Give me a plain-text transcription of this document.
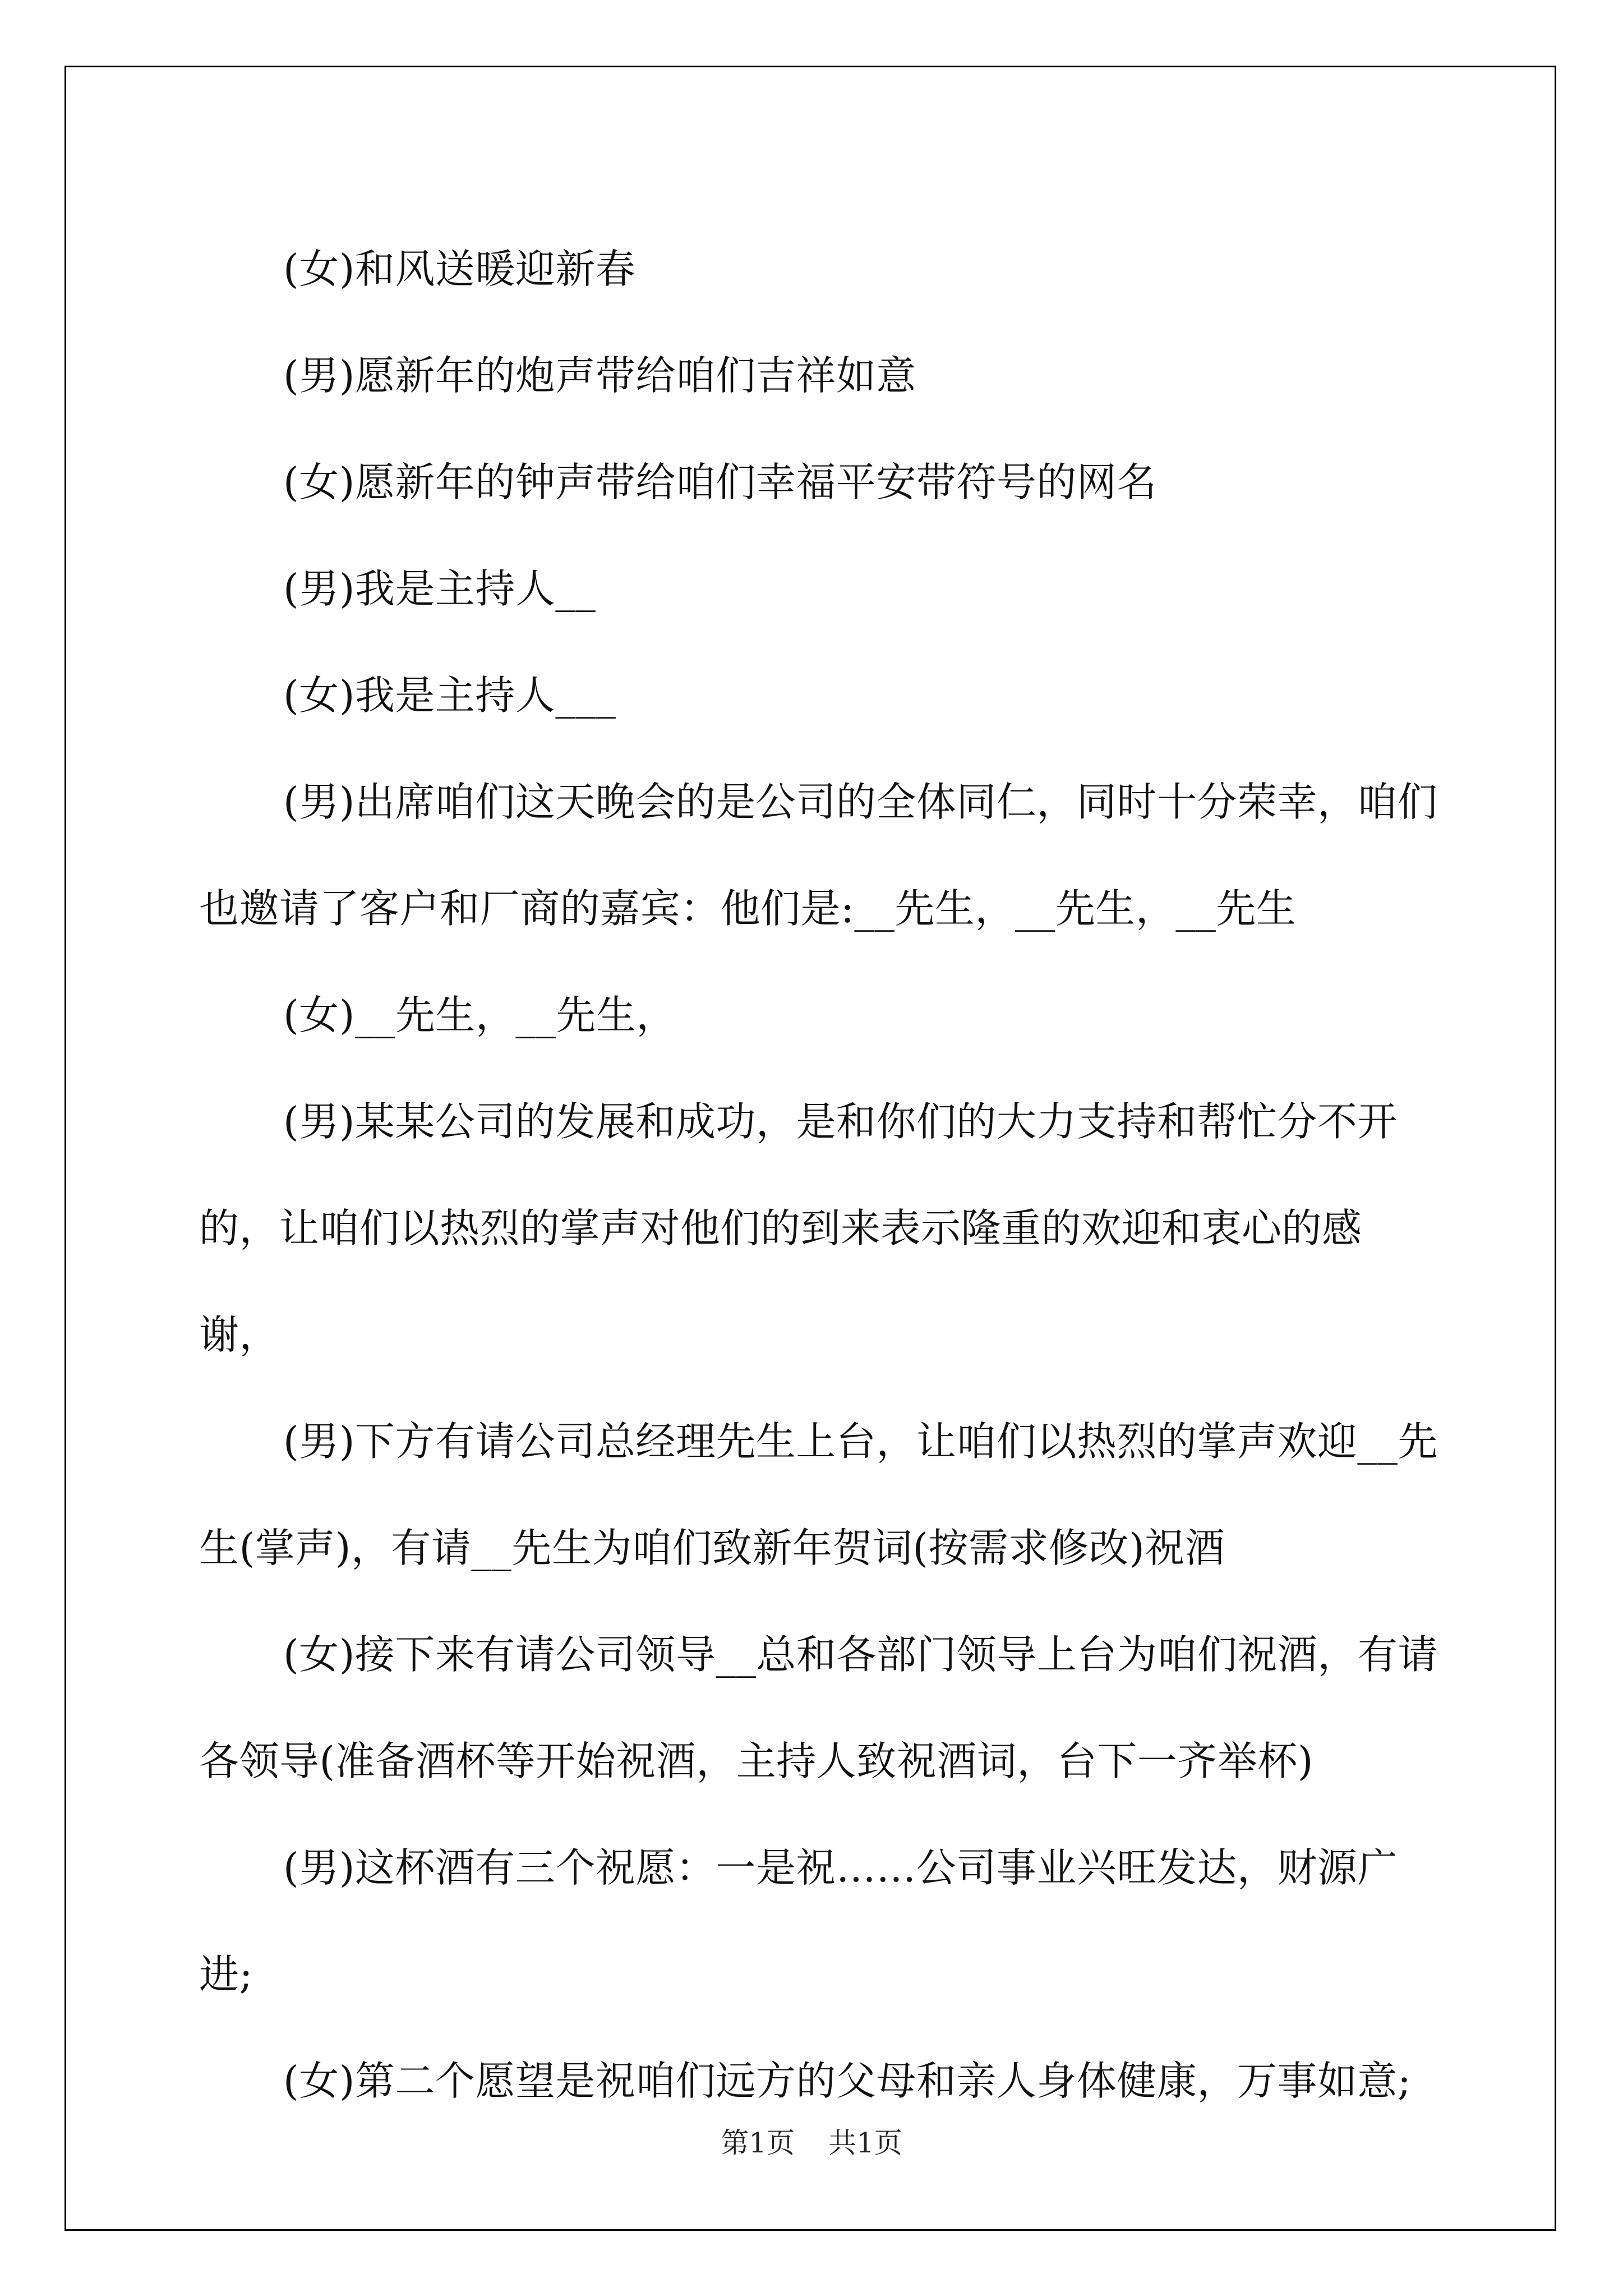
(女)和风送暖迎新春

(男)愿新年的炮声带给咱们吉祥如意

(女)愿新年的钟声带给咱们幸福平安带符号的网名

(男)我是主持人__

(女)我是主持人___

(男)出席咱们这天晚会的是公司的全体同仁，同时十分荣幸，咱们也邀请了客户和厂商的嘉宾：他们是:__先生，__先生，__先生

(女)__先生，__先生，

(男)某某公司的发展和成功，是和你们的大力支持和帮忙分不开的，让咱们以热烈的掌声对他们的到来表示隆重的欢迎和衷心的感谢，

(男)下方有请公司总经理先生上台，让咱们以热烈的掌声欢迎__先生(掌声)，有请__先生为咱们致新年贺词(按需求修改)祝酒

(女)接下来有请公司领导__总和各部门领导上台为咱们祝酒，有请各领导(准备酒杯等开始祝酒，主持人致祝酒词，台下一齐举杯)

(男)这杯酒有三个祝愿：一是祝……公司事业兴旺发达，财源广进;

(女)第二个愿望是祝咱们远方的父母和亲人身体健康，万事如意;

第1页 共1页
